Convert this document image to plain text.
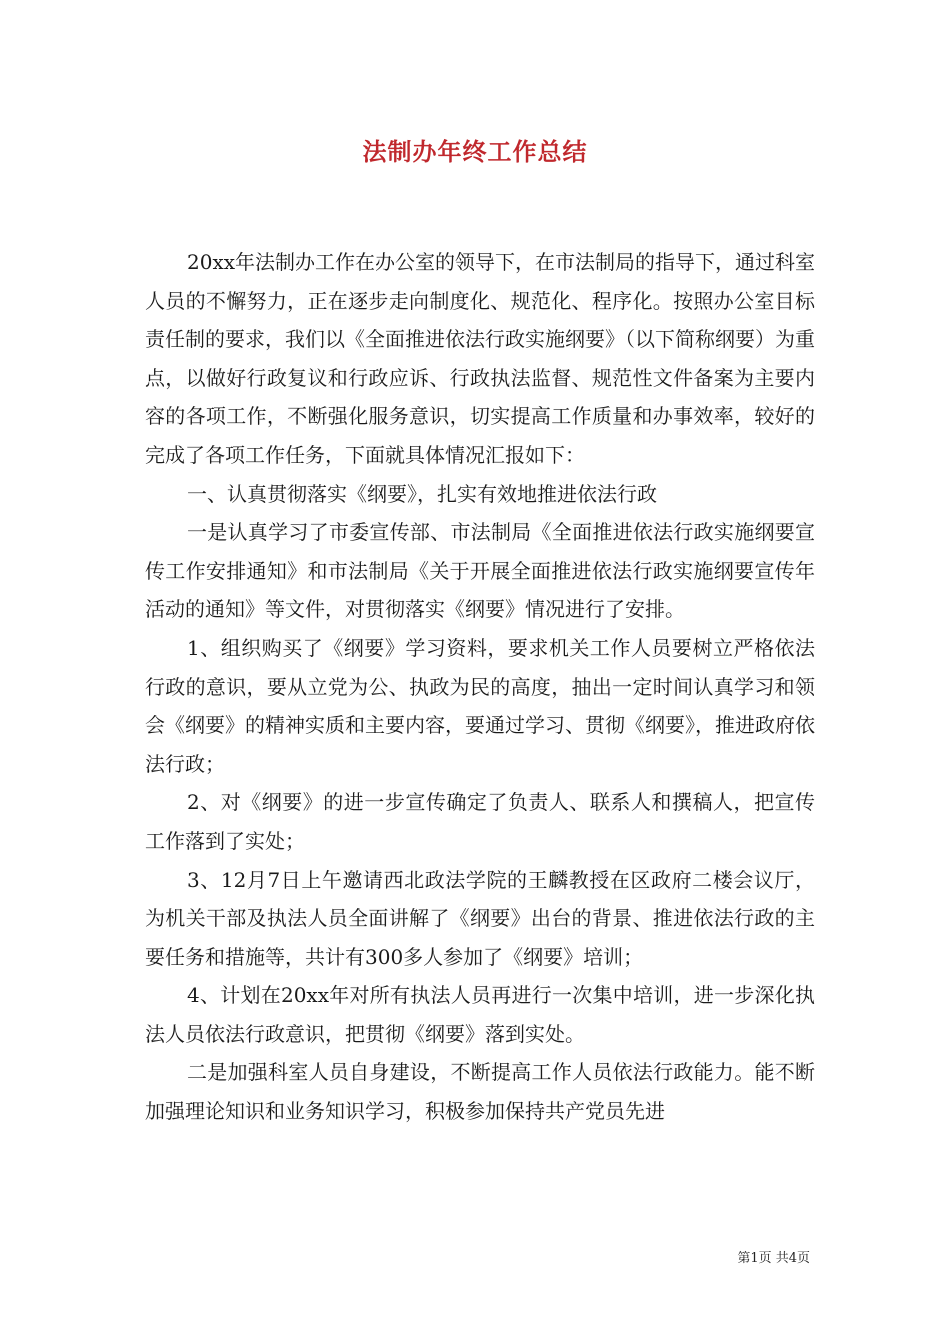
法制办年终工作总结

20xx年法制办工作在办公室的领导下，在市法制局的指导下，通过科室人员的不懈努力，正在逐步走向制度化、规范化、程序化。按照办公室目标责任制的要求，我们以《全面推进依法行政实施纲要》（以下简称纲要）为重点，以做好行政复议和行政应诉、行政执法监督、规范性文件备案为主要内容的各项工作，不断强化服务意识，切实提高工作质量和办事效率，较好的完成了各项工作任务，下面就具体情况汇报如下：

一、认真贯彻落实《纲要》，扎实有效地推进依法行政

一是认真学习了市委宣传部、市法制局《全面推进依法行政实施纲要宣传工作安排通知》和市法制局《关于开展全面推进依法行政实施纲要宣传年活动的通知》等文件，对贯彻落实《纲要》情况进行了安排。

1、组织购买了《纲要》学习资料，要求机关工作人员要树立严格依法行政的意识，要从立党为公、执政为民的高度，抽出一定时间认真学习和领会《纲要》的精神实质和主要内容，要通过学习、贯彻《纲要》，推进政府依法行政；

2、对《纲要》的进一步宣传确定了负责人、联系人和撰稿人，把宣传工作落到了实处；

3、12月7日上午邀请西北政法学院的王麟教授在区政府二楼会议厅，为机关干部及执法人员全面讲解了《纲要》出台的背景、推进依法行政的主要任务和措施等，共计有300多人参加了《纲要》培训；

4、计划在20xx年对所有执法人员再进行一次集中培训，进一步深化执法人员依法行政意识，把贯彻《纲要》落到实处。

二是加强科室人员自身建设，不断提高工作人员依法行政能力。能不断加强理论知识和业务知识学习，积极参加保持共产党员先进

第1页 共4页
